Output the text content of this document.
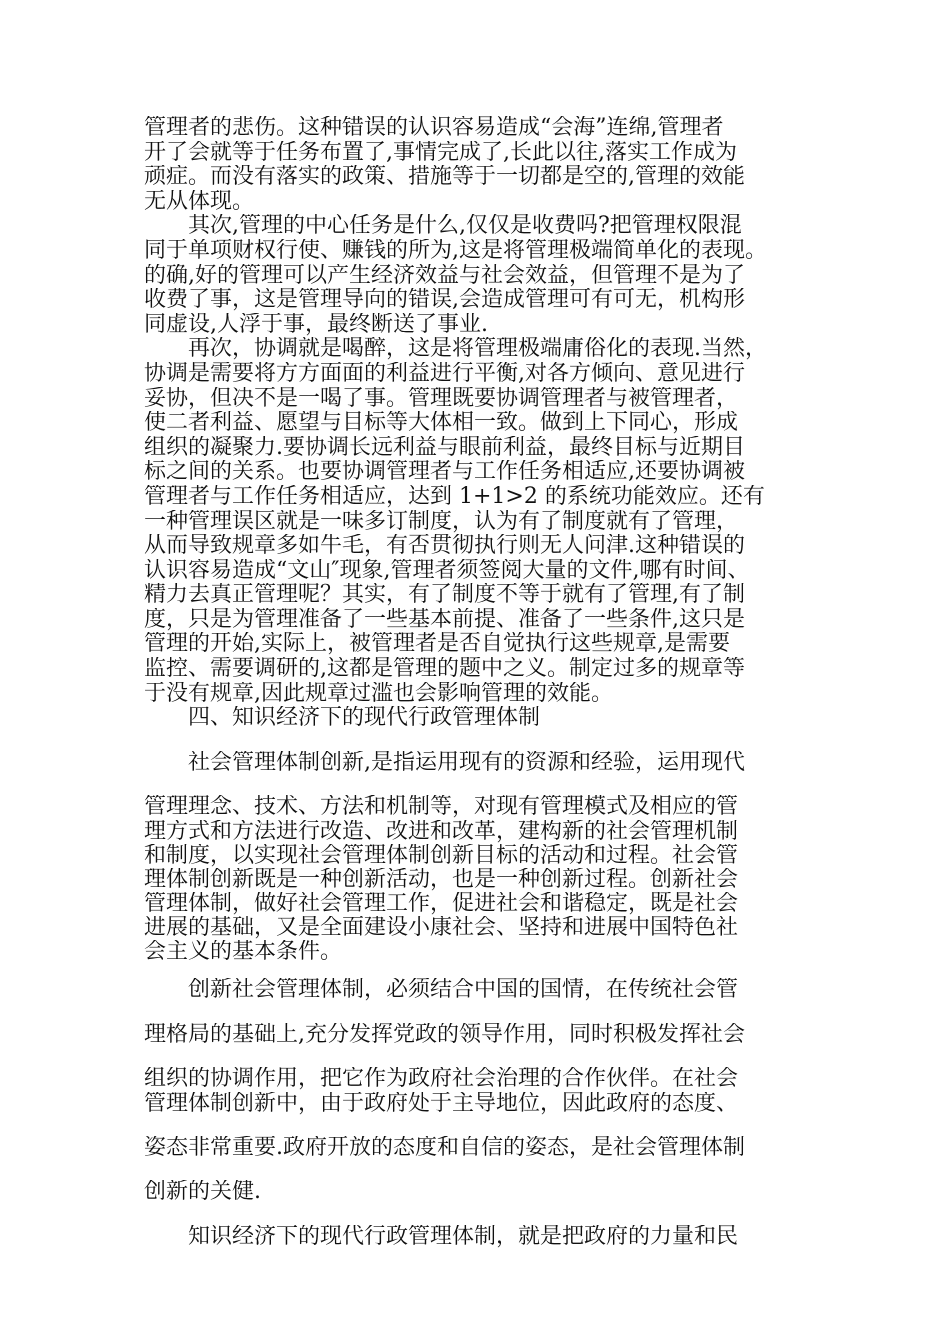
管理者的悲伤。这种错误的认识容易造成“会海”连绵,管理者
开了会就等于任务布置了,事情完成了,长此以往,落实工作成为
顽症。而没有落实的政策、措施等于一切都是空的,管理的效能
无从体现。
其次,管理的中心任务是什么,仅仅是收费吗?把管理权限混
同于单项财权行使、赚钱的所为,这是将管理极端简单化的表现。
的确,好的管理可以产生经济效益与社会效益，但管理不是为了
收费了事，这是管理导向的错误,会造成管理可有可无，机构形
同虚设,人浮于事，最终断送了事业.
再次，协调就是喝醉，这是将管理极端庸俗化的表现.当然，
协调是需要将方方面面的利益进行平衡,对各方倾向、意见进行
妥协，但决不是一喝了事。管理既要协调管理者与被管理者，
使二者利益、愿望与目标等大体相一致。做到上下同心，形成
组织的凝聚力.要协调长远利益与眼前利益，最终目标与近期目
标之间的关系。也要协调管理者与工作任务相适应,还要协调被
管理者与工作任务相适应，达到 1+1>2 的系统功能效应。还有
一种管理误区就是一味多订制度，认为有了制度就有了管理，
从而导致规章多如牛毛，有否贯彻执行则无人问津.这种错误的
认识容易造成“文山″现象,管理者须签阅大量的文件,哪有时间、
精力去真正管理呢？其实，有了制度不等于就有了管理,有了制
度，只是为管理准备了一些基本前提、准备了一些条件,这只是
管理的开始,实际上，被管理者是否自觉执行这些规章,是需要
监控、需要调研的,这都是管理的题中之义。制定过多的规章等
于没有规章,因此规章过滥也会影响管理的效能。
四、知识经济下的现代行政管理体制
社会管理体制创新,是指运用现有的资源和经验，运用现代
管理理念、技术、方法和机制等，对现有管理模式及相应的管
理方式和方法进行改造、改进和改革，建构新的社会管理机制
和制度，以实现社会管理体制创新目标的活动和过程。社会管
理体制创新既是一种创新活动，也是一种创新过程。创新社会
管理体制，做好社会管理工作，促进社会和谐稳定，既是社会
进展的基础，又是全面建设小康社会、坚持和进展中国特色社
会主义的基本条件。
创新社会管理体制，必须结合中国的国情，在传统社会管
理格局的基础上,充分发挥党政的领导作用，同时积极发挥社会
组织的协调作用，把它作为政府社会治理的合作伙伴。在社会
管理体制创新中，由于政府处于主导地位，因此政府的态度、
姿态非常重要.政府开放的态度和自信的姿态，是社会管理体制
创新的关健.
知识经济下的现代行政管理体制，就是把政府的力量和民
